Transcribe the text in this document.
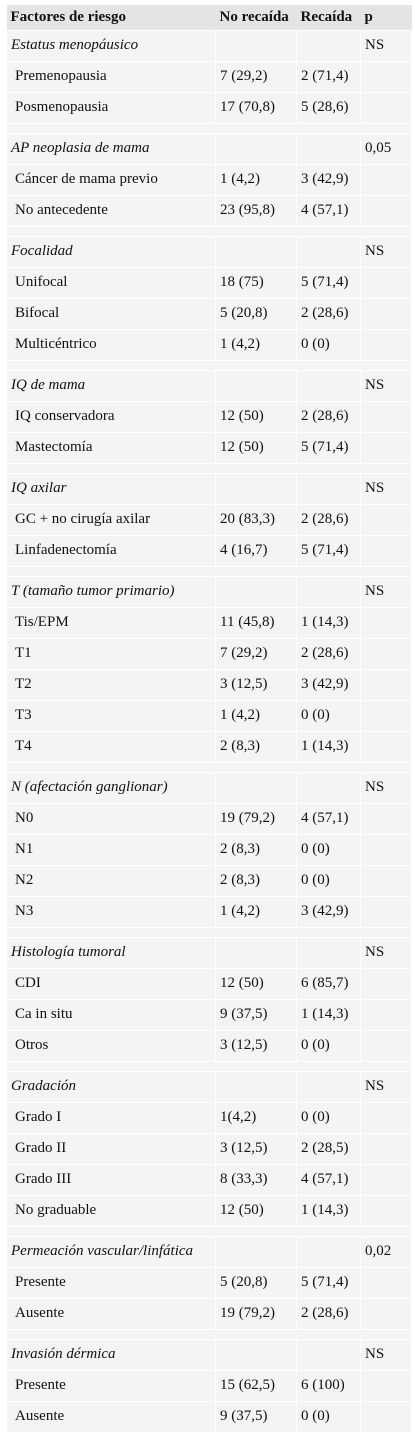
Factores de riesgo	No recaída	Recaída	p
Estatus menopáusico			NS
Premenopausia	7 (29,2)	2 (71,4)	
Posmenopausia	17 (70,8)	5 (28,6)	

AP neoplasia de mama			0,05
Cáncer de mama previo	1 (4,2)	3 (42,9)	
No antecedente	23 (95,8)	4 (57,1)	

Focalidad			NS
Unifocal	18 (75)	5 (71,4)	
Bifocal	5 (20,8)	2 (28,6)	
Multicéntrico	1 (4,2)	0 (0)	

IQ de mama			NS
IQ conservadora	12 (50)	2 (28,6)	
Mastectomía	12 (50)	5 (71,4)	

IQ axilar			NS
GC + no cirugía axilar	20 (83,3)	2 (28,6)	
Linfadenectomía	4 (16,7)	5 (71,4)	

T (tamaño tumor primario)			NS
Tis/EPM	11 (45,8)	1 (14,3)	
T1	7 (29,2)	2 (28,6)	
T2	3 (12,5)	3 (42,9)	
T3	1 (4,2)	0 (0)	
T4	2 (8,3)	1 (14,3)	

N (afectación ganglionar)			NS
N0	19 (79,2)	4 (57,1)	
N1	2 (8,3)	0 (0)	
N2	2 (8,3)	0 (0)	
N3	1 (4,2)	3 (42,9)	

Histología tumoral			NS
CDI	12 (50)	6 (85,7)	
Ca in situ	9 (37,5)	1 (14,3)	
Otros	3 (12,5)	0 (0)	

Gradación			NS
Grado I	1(4,2)	0 (0)	
Grado II	3 (12,5)	2 (28,5)	
Grado III	8 (33,3)	4 (57,1)	
No graduable	12 (50)	1 (14,3)	

Permeación vascular/linfática			0,02
Presente	5 (20,8)	5 (71,4)	
Ausente	19 (79,2)	2 (28,6)	

Invasión dérmica			NS
Presente	15 (62,5)	6 (100)	
Ausente	9 (37,5)	0 (0)	
